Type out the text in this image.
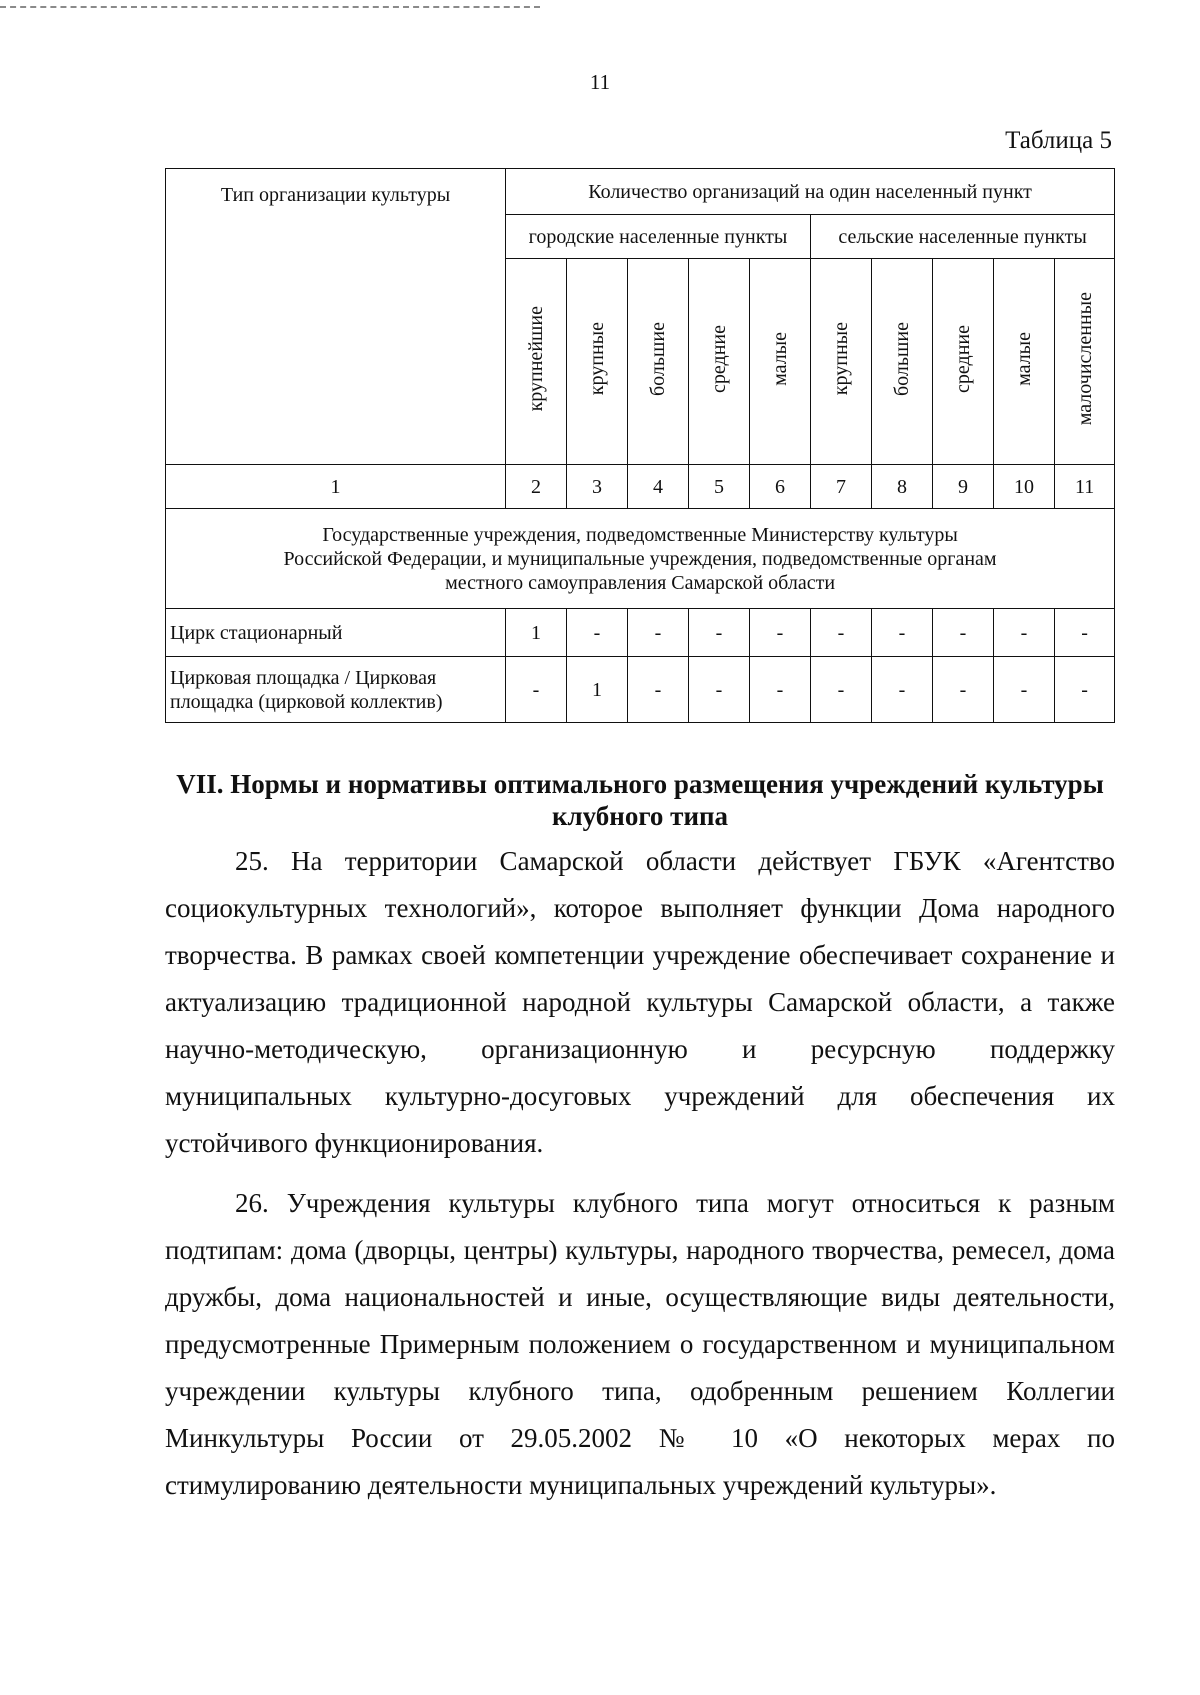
11
Таблица 5
Тип организации культуры	Количество организаций на один населенный пункт									
	городские населенные пункты					сельские населенные пункты				
	крупнейшие	крупные	большие	средние	малые	крупные	большие	средние	малые	малочисленные
1	2	3	4	5	6	7	8	9	10	11

Государственные учреждения, подведомственные Министерству культуры Российской Федерации, и муниципальные учреждения, подведомственные органам местного самоуправления Самарской области										

Цирк стационарный	1	-	-	-	-	-	-	-	-	-
Цирковая площадка / Цирковая площадка (цирковой коллектив)	-	1	-	-	-	-	-	-	-	-
VII. Нормы и нормативы оптимального размещения учреждений культуры клубного типа

25. На территории Самарской области действует ГБУК «Агентство социокультурных технологий», которое выполняет функции Дома народного творчества. В рамках своей компетенции учреждение обеспечивает сохранение и актуализацию традиционной народной культуры Самарской области, а также научно-методическую, организационную и ресурсную поддержку муниципальных культурно-досуговых учреждений для обеспечения их устойчивого функционирования.

26. Учреждения культуры клубного типа могут относиться к разным подтипам: дома (дворцы, центры) культуры, народного творчества, ремесел, дома дружбы, дома национальностей и иные, осуществляющие виды деятельности, предусмотренные Примерным положением о государственном и муниципальном учреждении культуры клубного типа, одобренным решением Коллегии Минкультуры России от 29.05.2002 № 10 «О некоторых мерах по стимулированию деятельности муниципальных учреждений культуры».
